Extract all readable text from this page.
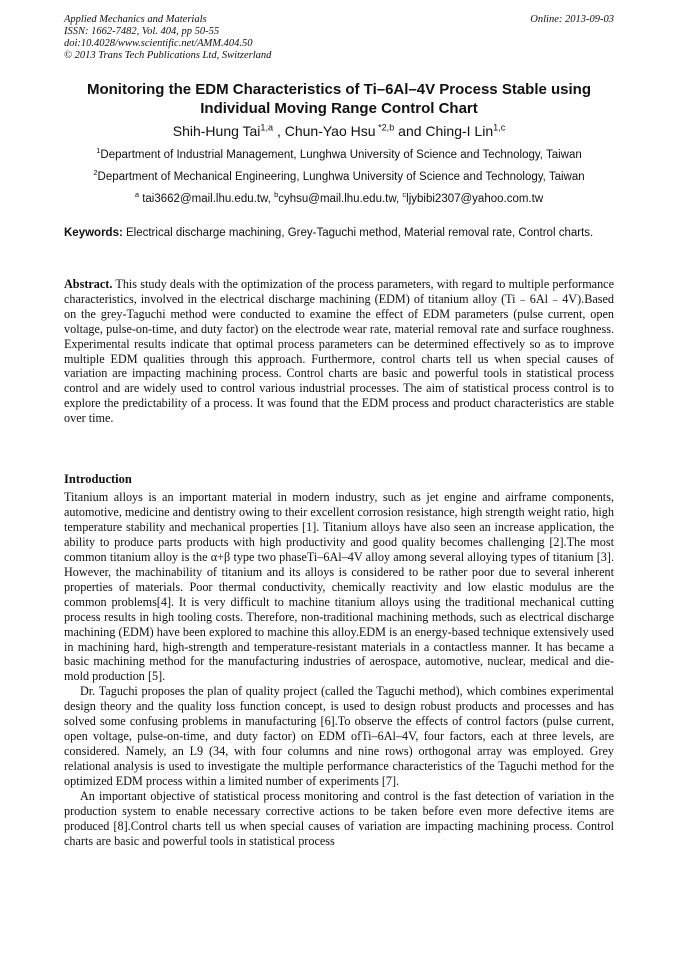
Applied Mechanics and Materials
ISSN: 1662-7482, Vol. 404, pp 50-55
doi:10.4028/www.scientific.net/AMM.404.50
© 2013 Trans Tech Publications Ltd, Switzerland
Online: 2013-09-03
Monitoring the EDM Characteristics of Ti–6Al–4V Process Stable using Individual Moving Range Control Chart
Shih-Hung Tai$^{1,a}$ , Chun-Yao Hsu $^{*2,b}$ and Ching-I Lin$^{1,c}$
$^1$Department of Industrial Management, Lunghwa University of Science and Technology, Taiwan
$^2$Department of Mechanical Engineering, Lunghwa University of Science and Technology, Taiwan
$^a$ tai3662@mail.lhu.edu.tw, $^b$cyhsu@mail.lhu.edu.tw, $^c$ljybibi2307@yahoo.com.tw
Keywords: Electrical discharge machining, Grey-Taguchi method, Material removal rate, Control charts.
Abstract. This study deals with the optimization of the process parameters, with regard to multiple performance characteristics, involved in the electrical discharge machining (EDM) of titanium alloy (Ti﹣6Al﹣4V).Based on the grey-Taguchi method were conducted to examine the effect of EDM parameters (pulse current, open voltage, pulse-on-time, and duty factor) on the electrode wear rate, material removal rate and surface roughness. Experimental results indicate that optimal process parameters can be determined effectively so as to improve multiple EDM qualities through this approach. Furthermore, control charts tell us when special causes of variation are impacting machining process. Control charts are basic and powerful tools in statistical process control and are widely used to control various industrial processes. The aim of statistical process control is to explore the predictability of a process. It was found that the EDM process and product characteristics are stable over time.
Introduction

Titanium alloys is an important material in modern industry, such as jet engine and airframe components, automotive, medicine and dentistry owing to their excellent corrosion resistance, high strength weight ratio, high temperature stability and mechanical properties [1]. Titanium alloys have also seen an increase application, the ability to produce parts products with high productivity and good quality becomes challenging [2].The most common titanium alloy is the α+β type two phaseTi–6Al–4V alloy among several alloying types of titanium [3]. However, the machinability of titanium and its alloys is considered to be rather poor due to several inherent properties of materials. Poor thermal conductivity, chemically reactivity and low elastic modulus are the common problems[4]. It is very difficult to machine titanium alloys using the traditional mechanical cutting process results in high tooling costs. Therefore, non-traditional machining methods, such as electrical discharge machining (EDM) have been explored to machine this alloy.EDM is an energy-based technique extensively used in machining hard, high-strength and temperature-resistant materials in a contactless manner. It has became a basic machining method for the manufacturing industries of aerospace, automotive, nuclear, medical and die-mold production [5].

Dr. Taguchi proposes the plan of quality project (called the Taguchi method), which combines experimental design theory and the quality loss function concept, is used to design robust products and processes and has solved some confusing problems in manufacturing [6].To observe the effects of control factors (pulse current, open voltage, pulse-on-time, and duty factor) on EDM ofTi–6Al–4V, four factors, each at three levels, are considered. Namely, an L9 (34, with four columns and nine rows) orthogonal array was employed. Grey relational analysis is used to investigate the multiple performance characteristics of the Taguchi method for the optimized EDM process within a limited number of experiments [7].

An important objective of statistical process monitoring and control is the fast detection of variation in the production system to enable necessary corrective actions to be taken before even more defective items are produced [8].Control charts tell us when special causes of variation are impacting machining process. Control charts are basic and powerful tools in statistical process
